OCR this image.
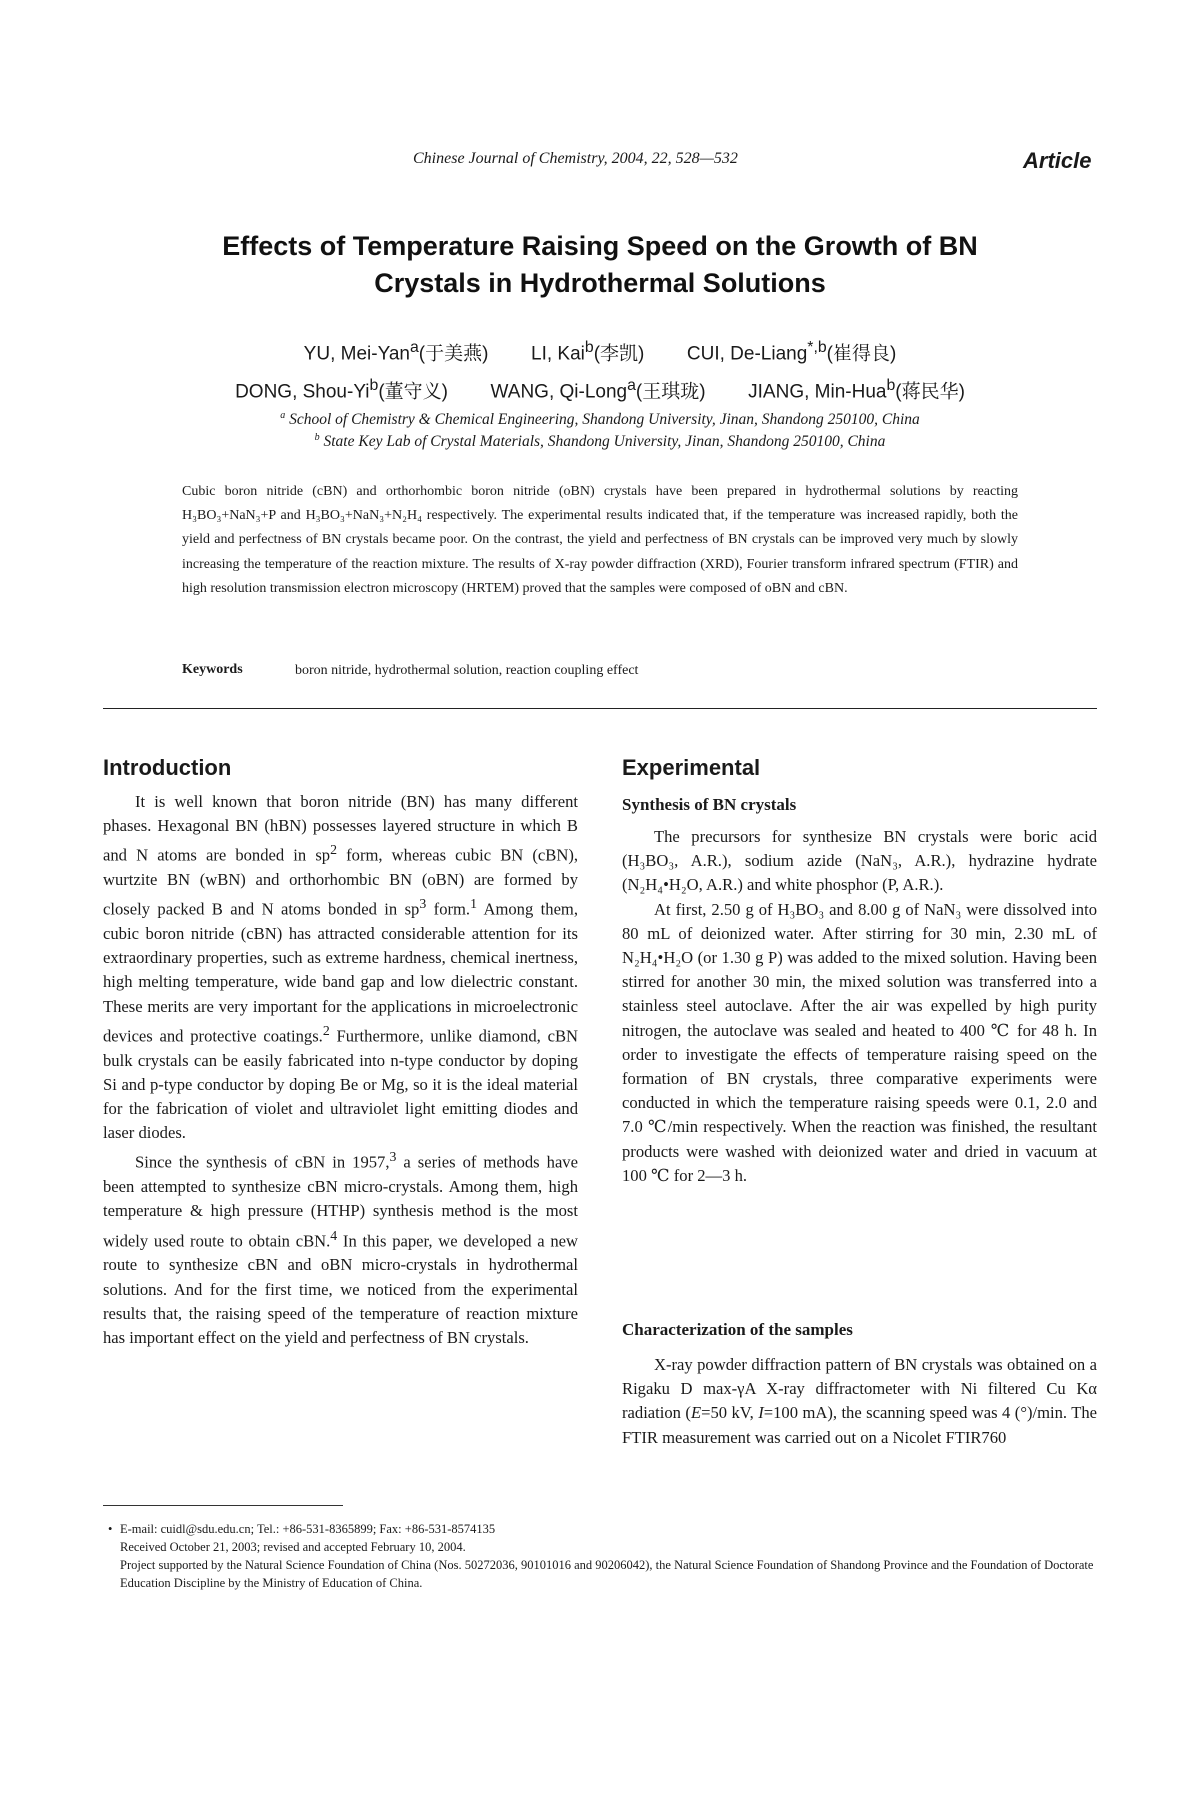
Chinese Journal of Chemistry, 2004, 22, 528—532	Article
Effects of Temperature Raising Speed on the Growth of BN
Crystals in Hydrothermal Solutions
YU, Mei-Yan$^a$(于美燕) LI, Kai$^b$(李凯) CUI, De-Liang$^{*,b}$(崔得良)
DONG, Shou-Yi$^b$(董守义) WANG, Qi-Long$^a$(王琪珑) JIANG, Min-Hua$^b$(蒋民华)
$^a$ School of Chemistry & Chemical Engineering, Shandong University, Jinan, Shandong 250100, China
$^b$ State Key Lab of Crystal Materials, Shandong University, Jinan, Shandong 250100, China
Cubic boron nitride (cBN) and orthorhombic boron nitride (oBN) crystals have been prepared in hydrothermal solutions by reacting H₃BO₃+NaN₃+P and H₃BO₃+NaN₃+N₂H₄ respectively. The experimental results indicated that, if the temperature was increased rapidly, both the yield and perfectness of BN crystals became poor. On the contrast, the yield and perfectness of BN crystals can be improved very much by slowly increasing the temperature of the reaction mixture. The results of X-ray powder diffraction (XRD), Fourier transform infrared spectrum (FTIR) and high resolution transmission electron microscopy (HRTEM) proved that the samples were composed of oBN and cBN.
Keywords	boron nitride, hydrothermal solution, reaction coupling effect
Introduction

It is well known that boron nitride (BN) has many different phases. Hexagonal BN (hBN) possesses layered structure in which B and N atoms are bonded in $sp^2$ form, whereas cubic BN (cBN), wurtzite BN (wBN) and orthorhombic BN (oBN) are formed by closely packed B and N atoms bonded in $sp^3$ form.$^1$ Among them, cubic boron nitride (cBN) has attracted considerable attention for its extraordinary properties, such as extreme hardness, chemical inertness, high melting temperature, wide band gap and low dielectric constant. These merits are very important for the applications in microelectronic devices and protective coatings.$^2$ Furthermore, unlike diamond, cBN bulk crystals can be easily fabricated into n-type conductor by doping Si and p-type conductor by doping Be or Mg, so it is the ideal material for the fabrication of violet and ultraviolet light emitting diodes and laser diodes.

Since the synthesis of cBN in 1957,$^3$ a series of methods have been attempted to synthesize cBN micro-crystals. Among them, high temperature & high pressure (HTHP) synthesis method is the most widely used route to obtain cBN.$^4$ In this paper, we developed a new route to synthesize cBN and oBN micro-crystals in hydrothermal solutions. And for the first time, we noticed from the experimental results that, the raising speed of the temperature of reaction mixture has important effect on the yield and perfectness of BN crystals.

Experimental
Synthesis of BN crystals

The precursors for synthesize BN crystals were boric acid (H₃BO₃, A.R.), sodium azide (NaN₃, A.R.), hydrazine hydrate (N₂H₄•H₂O, A.R.) and white phosphor (P, A.R.).

At first, 2.50 g of H₃BO₃ and 8.00 g of NaN₃ were dissolved into 80 mL of deionized water. After stirring for 30 min, 2.30 mL of N₂H₄•H₂O (or 1.30 g P) was added to the mixed solution. Having been stirred for another 30 min, the mixed solution was transferred into a stainless steel autoclave. After the air was expelled by high purity nitrogen, the autoclave was sealed and heated to 400 ℃ for 48 h. In order to investigate the effects of temperature raising speed on the formation of BN crystals, three comparative experiments were conducted in which the temperature raising speeds were 0.1, 2.0 and 7.0 ℃/min respectively. When the reaction was finished, the resultant products were washed with deionized water and dried in vacuum at 100 ℃ for 2—3 h.

Characterization of the samples

X-ray powder diffraction pattern of BN crystals was obtained on a Rigaku D max-γA X-ray diffractometer with Ni filtered Cu Kα radiation (E=50 kV, I=100 mA), the scanning speed was 4 (°)/min. The FTIR measurement was carried out on a Nicolet FTIR760

• E-mail: cuidl@sdu.edu.cn; Tel.: +86-531-8365899; Fax: +86-531-8574135
Received October 21, 2003; revised and accepted February 10, 2004.
Project supported by the Natural Science Foundation of China (Nos. 50272036, 90101016 and 90206042), the Natural Science Foundation of Shandong Province and the Foundation of Doctorate Education Discipline by the Ministry of Education of China.
